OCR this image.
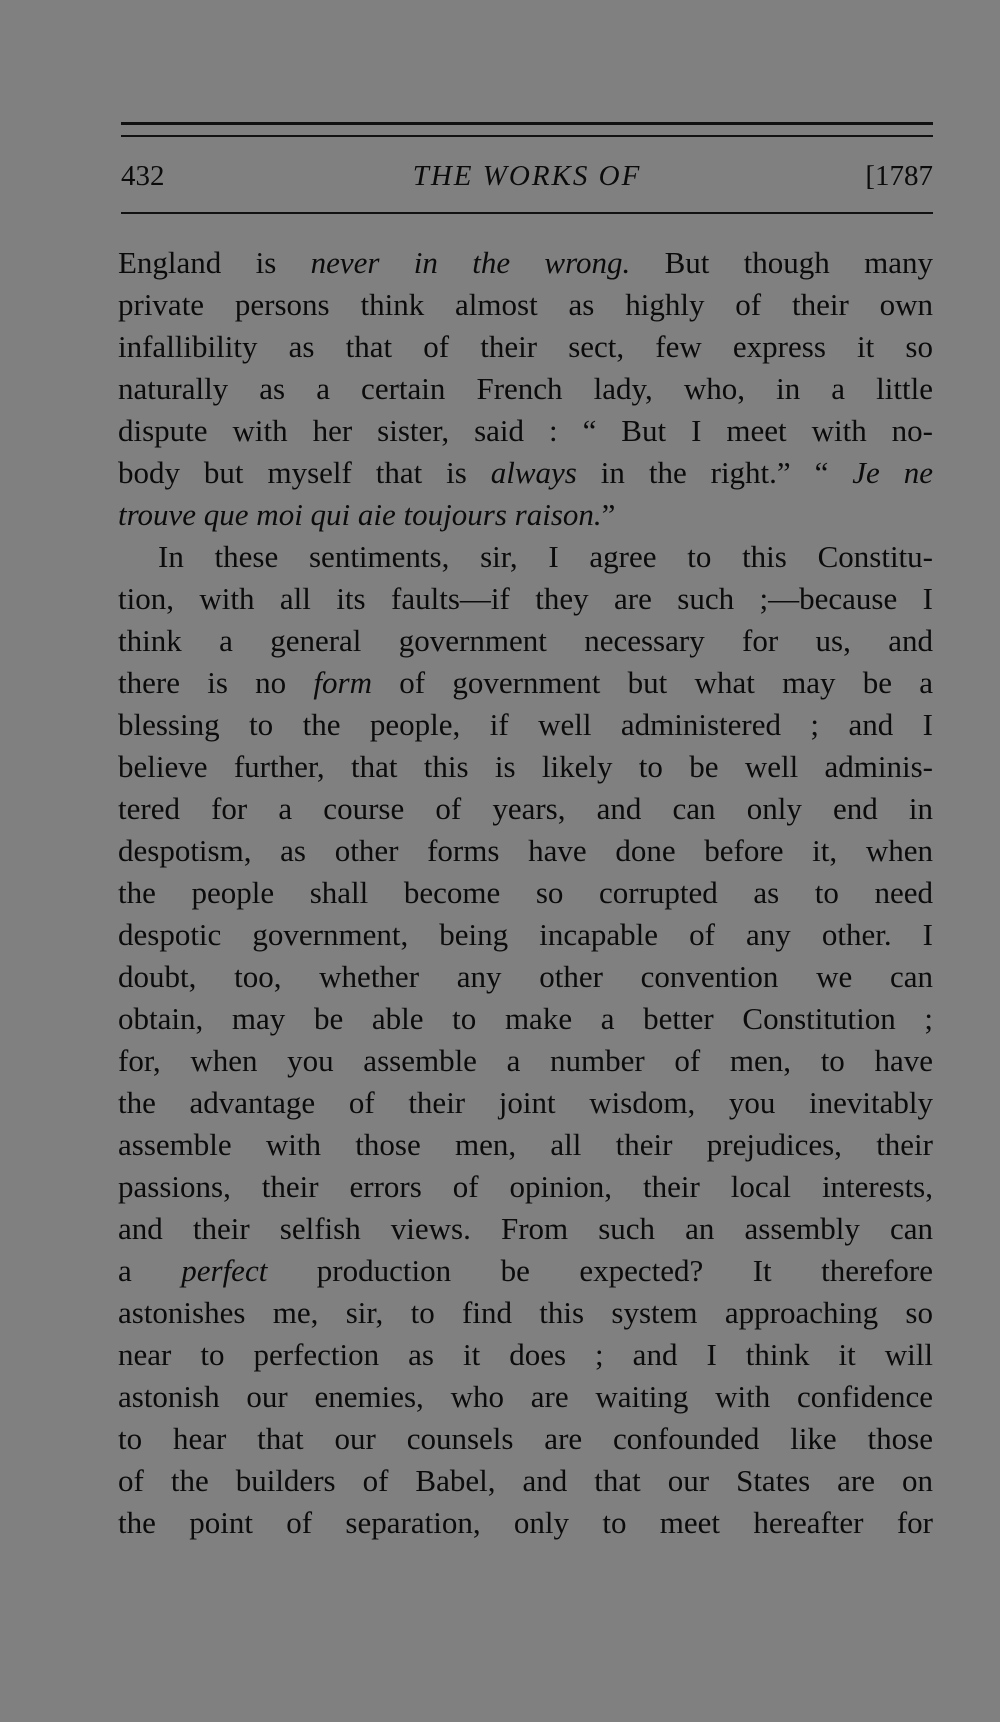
432	THE WORKS OF	[1787
England is never in the wrong. But though many
private persons think almost as highly of their own
infallibility as that of their sect, few express it so
naturally as a certain French lady, who, in a little
dispute with her sister, said : “ But I meet with no-
body but myself that is always in the right.” “ Je ne
trouve que moi qui aie toujours raison.”
In these sentiments, sir, I agree to this Constitu-
tion, with all its faults—if they are such ;—because I
think a general government necessary for us, and
there is no form of government but what may be a
blessing to the people, if well administered ; and I
believe further, that this is likely to be well adminis-
tered for a course of years, and can only end in
despotism, as other forms have done before it, when
the people shall become so corrupted as to need
despotic government, being incapable of any other. I
doubt, too, whether any other convention we can
obtain, may be able to make a better Constitution ;
for, when you assemble a number of men, to have
the advantage of their joint wisdom, you inevitably
assemble with those men, all their prejudices, their
passions, their errors of opinion, their local interests,
and their selfish views. From such an assembly can
a perfect production be expected? It therefore
astonishes me, sir, to find this system approaching so
near to perfection as it does ; and I think it will
astonish our enemies, who are waiting with confidence
to hear that our counsels are confounded like those
of the builders of Babel, and that our States are on
the point of separation, only to meet hereafter for
